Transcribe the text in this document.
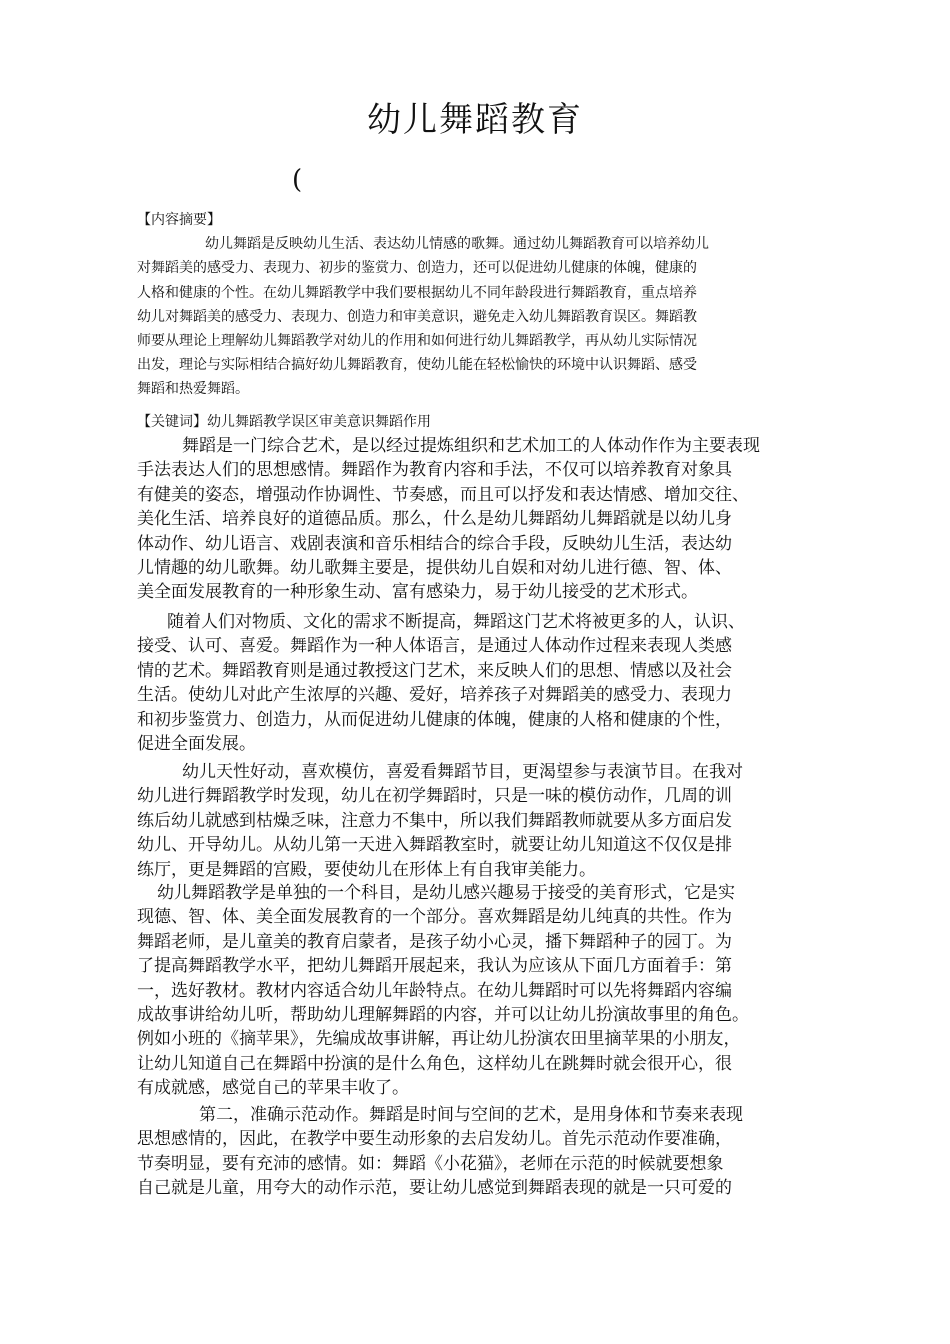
幼儿舞蹈教育
(

【内容摘要】

幼儿舞蹈是反映幼儿生活、表达幼儿情感的歌舞。通过幼儿舞蹈教育可以培养幼儿

对舞蹈美的感受力、表现力、初步的鉴赏力、创造力，还可以促进幼儿健康的体魄，健康的

人格和健康的个性。在幼儿舞蹈教学中我们要根据幼儿不同年龄段进行舞蹈教育，重点培养

幼儿对舞蹈美的感受力、表现力、创造力和审美意识，避免走入幼儿舞蹈教育误区。舞蹈教

师要从理论上理解幼儿舞蹈教学对幼儿的作用和如何进行幼儿舞蹈教学，再从幼儿实际情况

出发，理论与实际相结合搞好幼儿舞蹈教育，使幼儿能在轻松愉快的环境中认识舞蹈、感受

舞蹈和热爱舞蹈。

【关键词】幼儿舞蹈教学误区审美意识舞蹈作用

舞蹈是一门综合艺术，是以经过提炼组织和艺术加工的人体动作作为主要表现

手法表达人们的思想感情。舞蹈作为教育内容和手法，不仅可以培养教育对象具

有健美的姿态，增强动作协调性、节奏感，而且可以抒发和表达情感、增加交往、

美化生活、培养良好的道德品质。那么，什么是幼儿舞蹈幼儿舞蹈就是以幼儿身

体动作、幼儿语言、戏剧表演和音乐相结合的综合手段，反映幼儿生活，表达幼

儿情趣的幼儿歌舞。幼儿歌舞主要是，提供幼儿自娱和对幼儿进行德、智、体、

美全面发展教育的一种形象生动、富有感染力，易于幼儿接受的艺术形式。

随着人们对物质、文化的需求不断提高，舞蹈这门艺术将被更多的人，认识、

接受、认可、喜爱。舞蹈作为一种人体语言，是通过人体动作过程来表现人类感

情的艺术。舞蹈教育则是通过教授这门艺术，来反映人们的思想、情感以及社会

生活。使幼儿对此产生浓厚的兴趣、爱好，培养孩子对舞蹈美的感受力、表现力

和初步鉴赏力、创造力，从而促进幼儿健康的体魄，健康的人格和健康的个性，

促进全面发展。

幼儿天性好动，喜欢模仿，喜爱看舞蹈节目，更渴望参与表演节目。在我对

幼儿进行舞蹈教学时发现，幼儿在初学舞蹈时，只是一味的模仿动作，几周的训

练后幼儿就感到枯燥乏味，注意力不集中，所以我们舞蹈教师就要从多方面启发

幼儿、开导幼儿。从幼儿第一天进入舞蹈教室时，就要让幼儿知道这不仅仅是排

练厅，更是舞蹈的宫殿，要使幼儿在形体上有自我审美能力。

幼儿舞蹈教学是单独的一个科目，是幼儿感兴趣易于接受的美育形式，它是实

现德、智、体、美全面发展教育的一个部分。喜欢舞蹈是幼儿纯真的共性。作为

舞蹈老师，是儿童美的教育启蒙者，是孩子幼小心灵，播下舞蹈种子的园丁。为

了提高舞蹈教学水平，把幼儿舞蹈开展起来，我认为应该从下面几方面着手：第

一，选好教材。教材内容适合幼儿年龄特点。在幼儿舞蹈时可以先将舞蹈内容编

成故事讲给幼儿听，帮助幼儿理解舞蹈的内容，并可以让幼儿扮演故事里的角色。

例如小班的《摘苹果》，先编成故事讲解，再让幼儿扮演农田里摘苹果的小朋友，

让幼儿知道自己在舞蹈中扮演的是什么角色，这样幼儿在跳舞时就会很开心，很

有成就感，感觉自己的苹果丰收了。

第二，准确示范动作。舞蹈是时间与空间的艺术，是用身体和节奏来表现

思想感情的，因此，在教学中要生动形象的去启发幼儿。首先示范动作要准确，

节奏明显，要有充沛的感情。如：舞蹈《小花猫》，老师在示范的时候就要想象

自己就是儿童，用夸大的动作示范，要让幼儿感觉到舞蹈表现的就是一只可爱的
